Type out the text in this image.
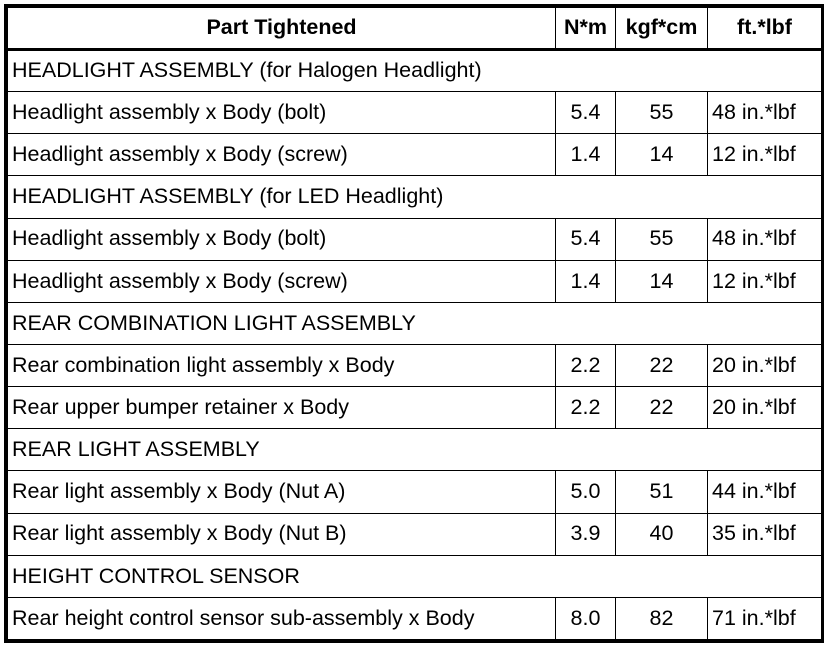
Part Tightened	N*m	kgf*cm	ft.*lbf
HEADLIGHT ASSEMBLY (for Halogen Headlight)			
Headlight assembly x Body (bolt)	5.4	55	48 in.*lbf
Headlight assembly x Body (screw)	1.4	14	12 in.*lbf
HEADLIGHT ASSEMBLY (for LED Headlight)			
Headlight assembly x Body (bolt)	5.4	55	48 in.*lbf
Headlight assembly x Body (screw)	1.4	14	12 in.*lbf
REAR COMBINATION LIGHT ASSEMBLY			
Rear combination light assembly x Body	2.2	22	20 in.*lbf
Rear upper bumper retainer x Body	2.2	22	20 in.*lbf
REAR LIGHT ASSEMBLY			
Rear light assembly x Body (Nut A)	5.0	51	44 in.*lbf
Rear light assembly x Body (Nut B)	3.9	40	35 in.*lbf
HEIGHT CONTROL SENSOR			
Rear height control sensor sub-assembly x Body	8.0	82	71 in.*lbf
